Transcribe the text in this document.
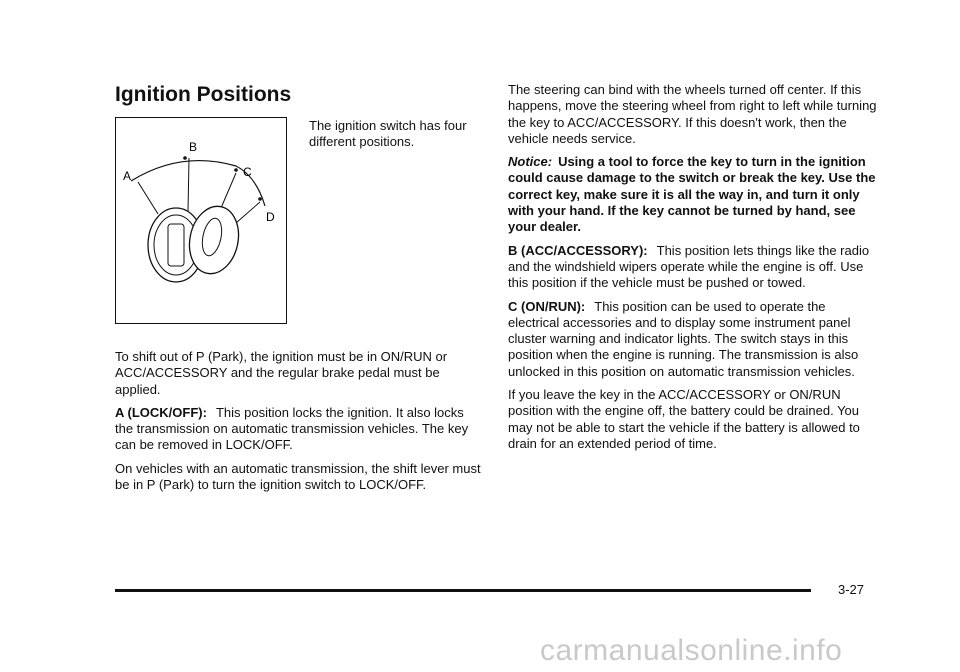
Ignition Positions
A
B
C
D

The ignition switch has four different positions.

To shift out of P (Park), the ignition must be in ON/RUN or ACC/ACCESSORY and the regular brake pedal must be applied.

A (LOCK/OFF): This position locks the ignition. It also locks the transmission on automatic transmission vehicles. The key can be removed in LOCK/OFF.

On vehicles with an automatic transmission, the shift lever must be in P (Park) to turn the ignition switch to LOCK/OFF.

The steering can bind with the wheels turned off center. If this happens, move the steering wheel from right to left while turning the key to ACC/ACCESSORY. If this doesn't work, then the vehicle needs service.

Notice: Using a tool to force the key to turn in the ignition could cause damage to the switch or break the key. Use the correct key, make sure it is all the way in, and turn it only with your hand. If the key cannot be turned by hand, see your dealer.

B (ACC/ACCESSORY): This position lets things like the radio and the windshield wipers operate while the engine is off. Use this position if the vehicle must be pushed or towed.

C (ON/RUN): This position can be used to operate the electrical accessories and to display some instrument panel cluster warning and indicator lights. The switch stays in this position when the engine is running. The transmission is also unlocked in this position on automatic transmission vehicles.

If you leave the key in the ACC/ACCESSORY or ON/RUN position with the engine off, the battery could be drained. You may not be able to start the vehicle if the battery is allowed to drain for an extended period of time.

3-27
carmanualsonline.info
